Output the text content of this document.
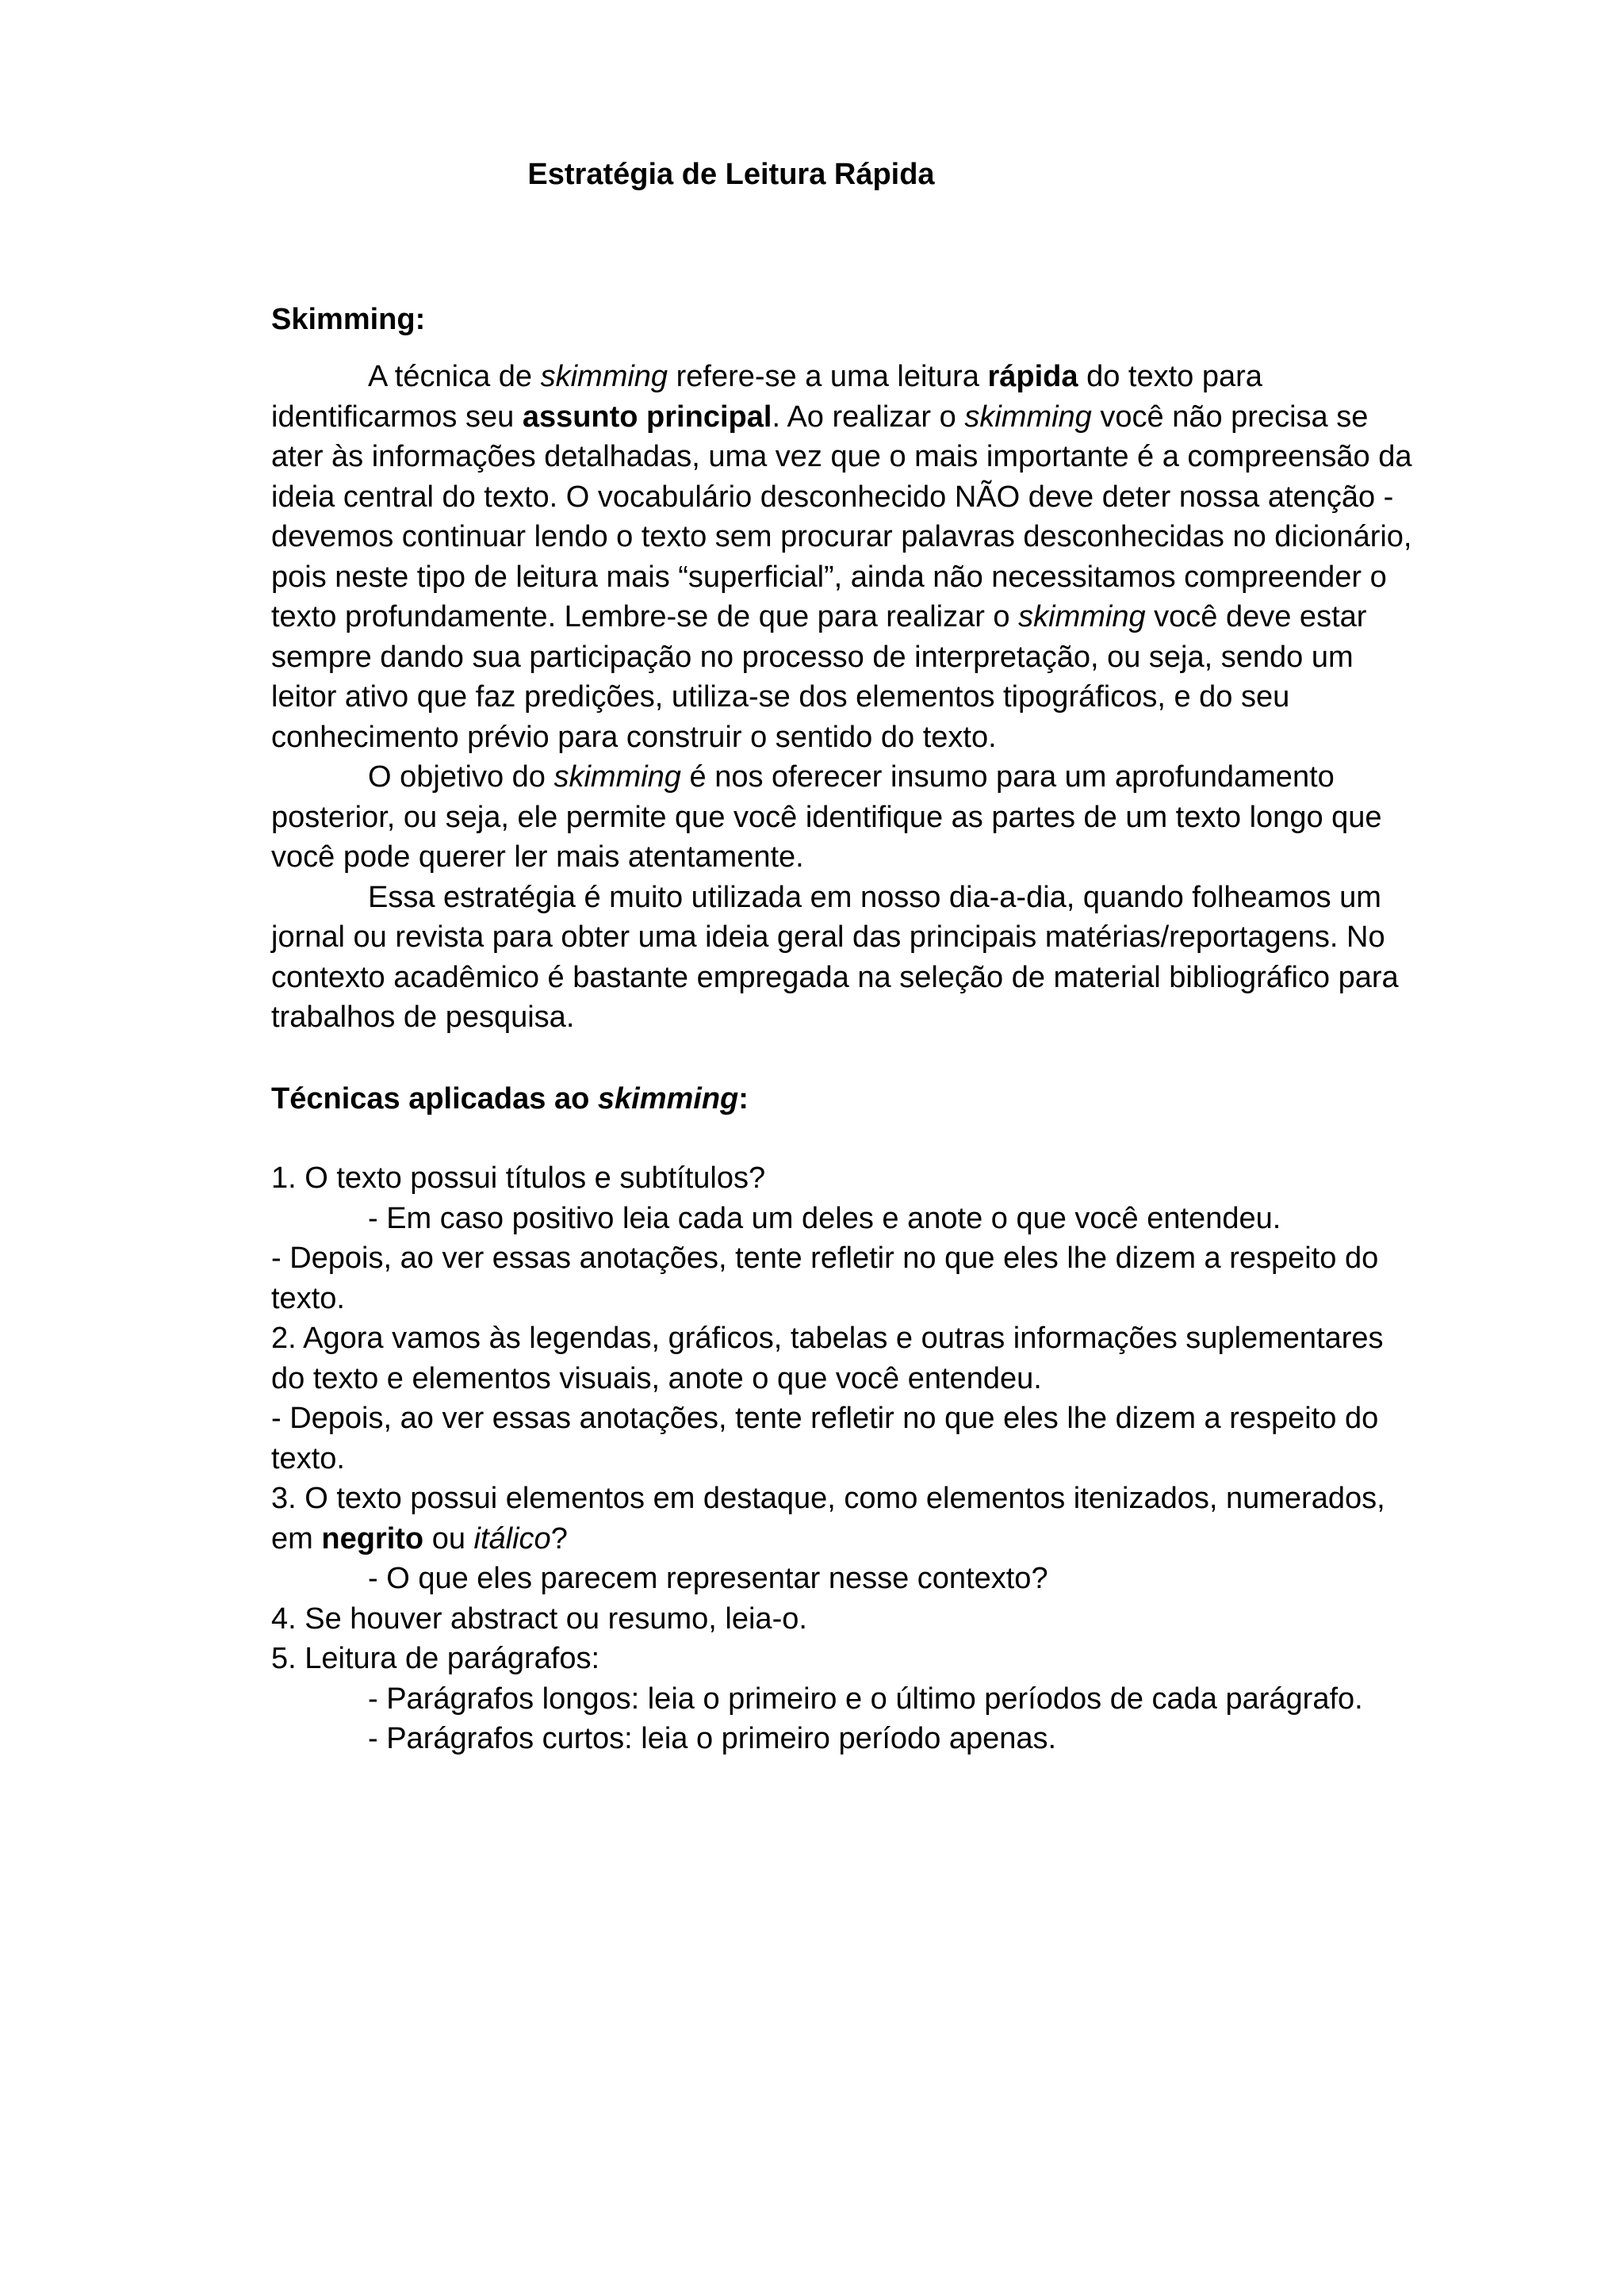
Estratégia de Leitura Rápida

Skimming:

A técnica de skimming refere-se a uma leitura rápida do texto para identificarmos seu assunto principal. Ao realizar o skimming você não precisa se ater às informações detalhadas, uma vez que o mais importante é a compreensão da ideia central do texto. O vocabulário desconhecido NÃO deve deter nossa atenção - devemos continuar lendo o texto sem procurar palavras desconhecidas no dicionário, pois neste tipo de leitura mais “superficial”, ainda não necessitamos compreender o texto profundamente. Lembre-se de que para realizar o skimming você deve estar sempre dando sua participação no processo de interpretação, ou seja, sendo um leitor ativo que faz predições, utiliza-se dos elementos tipográficos, e do seu conhecimento prévio para construir o sentido do texto.

O objetivo do skimming é nos oferecer insumo para um aprofundamento posterior, ou seja, ele permite que você identifique as partes de um texto longo que você pode querer ler mais atentamente.

Essa estratégia é muito utilizada em nosso dia-a-dia, quando folheamos um jornal ou revista para obter uma ideia geral das principais matérias/reportagens. No contexto acadêmico é bastante empregada na seleção de material bibliográfico para trabalhos de pesquisa.

Técnicas aplicadas ao skimming:

1. O texto possui títulos e subtítulos?

- Em caso positivo leia cada um deles e anote o que você entendeu.

- Depois, ao ver essas anotações, tente refletir no que eles lhe dizem a respeito do texto.

2. Agora vamos às legendas, gráficos, tabelas e outras informações suplementares do texto e elementos visuais, anote o que você entendeu.

- Depois, ao ver essas anotações, tente refletir no que eles lhe dizem a respeito do texto.

3. O texto possui elementos em destaque, como elementos itenizados, numerados, em negrito ou itálico?

- O que eles parecem representar nesse contexto?

4. Se houver abstract ou resumo, leia-o.

5. Leitura de parágrafos:

- Parágrafos longos: leia o primeiro e o último períodos de cada parágrafo.

- Parágrafos curtos: leia o primeiro período apenas.
